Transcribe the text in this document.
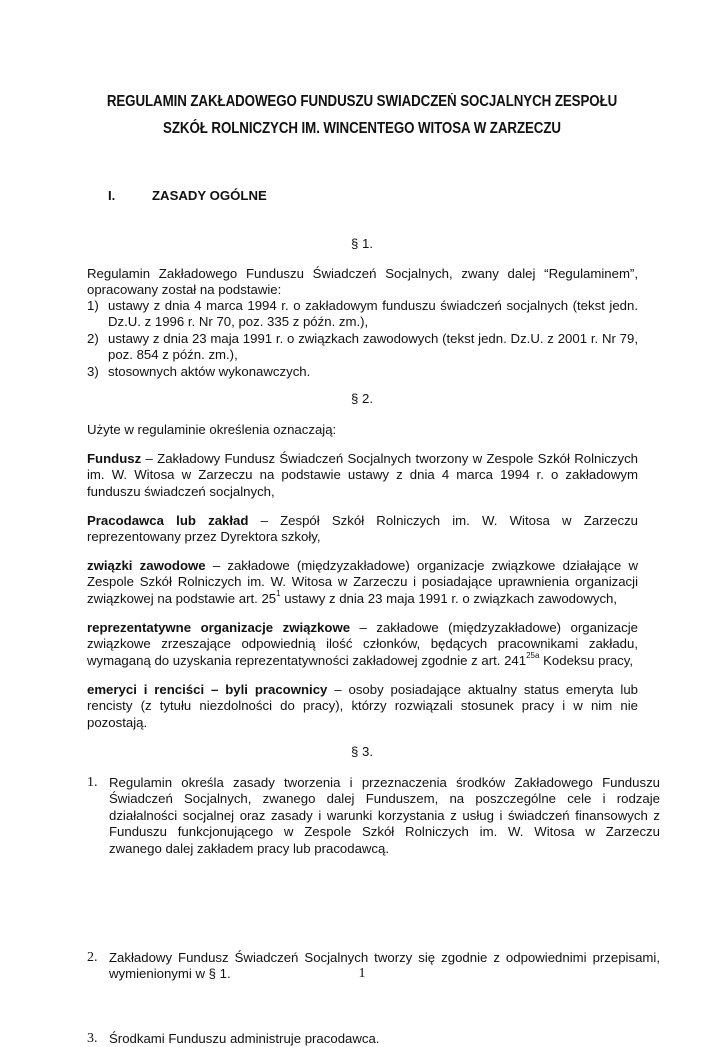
REGULAMIN ZAKŁADOWEGO FUNDUSZU SWIADCZEŃ SOCJALNYCH ZESPOŁU
SZKÓŁ ROLNICZYCH IM. WINCENTEGO WITOSA W ZARZECZU
I.	ZASADY OGÓLNE
§ 1.
Regulamin Zakładowego Funduszu Świadczeń Socjalnych, zwany dalej “Regulaminem”,
opracowany został na podstawie:
1) ustawy z dnia 4 marca 1994 r. o zakładowym funduszu świadczeń socjalnych (tekst jedn.
Dz.U. z 1996 r. Nr 70, poz. 335 z późn. zm.),
2) ustawy z dnia 23 maja 1991 r. o związkach zawodowych (tekst jedn. Dz.U. z 2001 r. Nr 79,
poz. 854 z późn. zm.),
3) stosownych aktów wykonawczych.
§ 2.
Użyte w regulaminie określenia oznaczają:
Fundusz – Zakładowy Fundusz Świadczeń Socjalnych tworzony w Zespole Szkół Rolniczych
im. W. Witosa w Zarzeczu na podstawie ustawy z dnia 4 marca 1994 r. o zakładowym
funduszu świadczeń socjalnych,
Pracodawca lub zakład – Zespół Szkół Rolniczych im. W. Witosa w Zarzeczu
reprezentowany przez Dyrektora szkoły,
związki zawodowe – zakładowe (międzyzakładowe) organizacje związkowe działające w
Zespole Szkół Rolniczych im. W. Witosa w Zarzeczu i posiadające uprawnienia organizacji
związkowej na podstawie art. $25^1$ ustawy z dnia 23 maja 1991 r. o związkach zawodowych,
reprezentatywne organizacje związkowe – zakładowe (międzyzakładowe) organizacje
związkowe zrzeszające odpowiednią ilość członków, będących pracownikami zakładu,
wymaganą do uzyskania reprezentatywności zakładowej zgodnie z art. $241^{25a}$ Kodeksu pracy,
emeryci i renciści – byli pracownicy – osoby posiadające aktualny status emeryta lub
rencisty (z tytułu niezdolności do pracy), którzy rozwiązali stosunek pracy i w nim nie
pozostają.
§ 3.
1. Regulamin określa zasady tworzenia i przeznaczenia środków Zakładowego Funduszu
Świadczeń Socjalnych, zwanego dalej Funduszem, na poszczególne cele i rodzaje
działalności socjalnej oraz zasady i warunki korzystania z usług i świadczeń finansowych z
Funduszu funkcjonującego w Zespole Szkół Rolniczych im. W. Witosa w Zarzeczu
zwanego dalej zakładem pracy lub pracodawcą.
2. Zakładowy Fundusz Świadczeń Socjalnych tworzy się zgodnie z odpowiednimi przepisami,
wymienionymi w § 1.
3. Środkami Funduszu administruje pracodawca.
1
